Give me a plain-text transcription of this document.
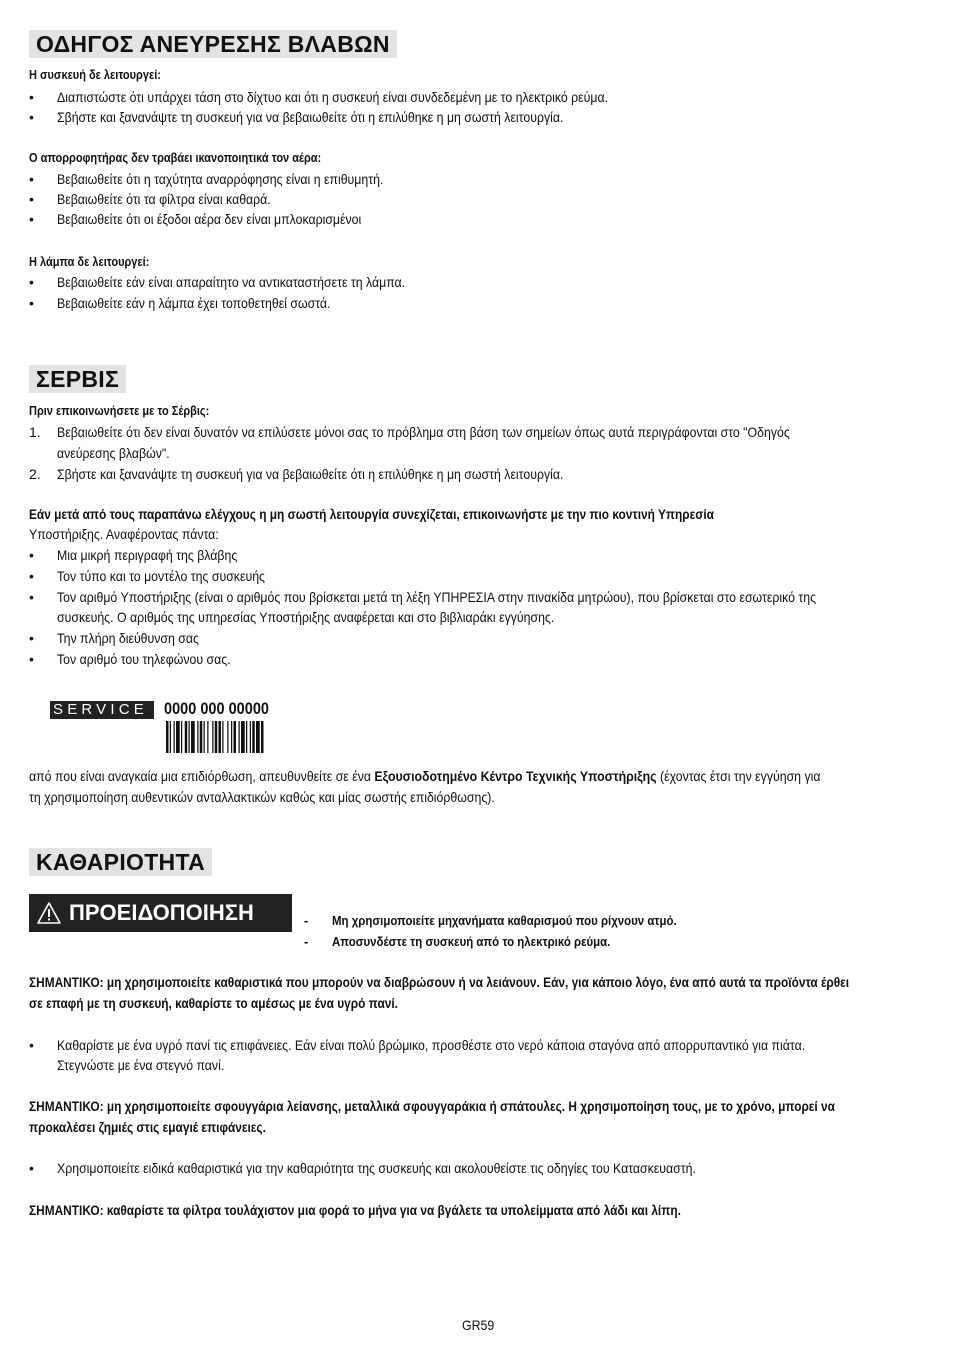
ΟΔΗΓΟΣ ΑΝΕΥΡΕΣΗΣ ΒΛΑΒΩΝ
Η συσκευή δε λειτουργεί:
• Διαπιστώστε ότι υπάρχει τάση στο δίχτυο και ότι η συσκευή είναι συνδεδεμένη με το ηλεκτρικό ρεύμα.
• Σβήστε και ξανανάψτε τη συσκευή για να βεβαιωθείτε ότι η επιλύθηκε η μη σωστή λειτουργία.
Ο απορροφητήρας δεν τραβάει ικανοποιητικά τον αέρα:
• Βεβαιωθείτε ότι η ταχύτητα αναρρόφησης είναι η επιθυμητή.
• Βεβαιωθείτε ότι τα φίλτρα είναι καθαρά.
• Βεβαιωθείτε ότι οι έξοδοι αέρα δεν είναι μπλοκαρισμένοι
Η λάμπα δε λειτουργεί:
• Βεβαιωθείτε εάν είναι απαραίτητο να αντικαταστήσετε τη λάμπα.
• Βεβαιωθείτε εάν η λάμπα έχει τοποθετηθεί σωστά.
ΣΕΡΒΙΣ
Πριν επικοινωνήσετε με το Σέρβις:
1. Βεβαιωθείτε ότι δεν είναι δυνατόν να επιλύσετε μόνοι σας το πρόβλημα στη βάση των σημείων όπως αυτά περιγράφονται στο "Οδηγός
ανεύρεσης βλαβών".
2. Σβήστε και ξανανάψτε τη συσκευή για να βεβαιωθείτε ότι η επιλύθηκε η μη σωστή λειτουργία.
Εάν μετά από τους παραπάνω ελέγχους η μη σωστή λειτουργία συνεχίζεται, επικοινωνήστε με την πιο κοντινή Υπηρεσία
Υποστήριξης. Αναφέροντας πάντα:
• Μια μικρή περιγραφή της βλάβης
• Τον τύπο και το μοντέλο της συσκευής
• Τον αριθμό Υποστήριξης (είναι ο αριθμός που βρίσκεται μετά τη λέξη ΥΠΗΡΕΣΙΑ στην πινακίδα μητρώου), που βρίσκεται στο εσωτερικό της
συσκευής. Ο αριθμός της υπηρεσίας Υποστήριξης αναφέρεται και στο βιβλιαράκι εγγύησης.
• Την πλήρη διεύθυνση σας
• Τον αριθμό του τηλεφώνου σας.
SERVICE 0000 000 00000
από που είναι αναγκαία μια επιδιόρθωση, απευθυνθείτε σε ένα Εξουσιοδοτημένο Κέντρο Τεχνικής Υποστήριξης (έχοντας έτσι την εγγύηση για
τη χρησιμοποίηση αυθεντικών ανταλλακτικών καθώς και μίας σωστής επιδιόρθωσης).
ΚΑΘΑΡΙΟΤΗΤΑ
ΠΡΟΕΙΔΟΠΟΙΗΣΗ	- Μη χρησιμοποιείτε μηχανήματα καθαρισμού που ρίχνουν ατμό.
- Αποσυνδέστε τη συσκευή από το ηλεκτρικό ρεύμα.
ΣΗΜΑΝΤΙΚΟ: μη χρησιμοποιείτε καθαριστικά που μπορούν να διαβρώσουν ή να λειάνουν. Εάν, για κάποιο λόγο, ένα από αυτά τα προϊόντα έρθει
σε επαφή με τη συσκευή, καθαρίστε το αμέσως με ένα υγρό πανί.
• Καθαρίστε με ένα υγρό πανί τις επιφάνειες. Εάν είναι πολύ βρώμικο, προσθέστε στο νερό κάποια σταγόνα από απορρυπαντικό για πιάτα.
Στεγνώστε με ένα στεγνό πανί.
ΣΗΜΑΝΤΙΚΟ: μη χρησιμοποιείτε σφουγγάρια λείανσης, μεταλλικά σφουγγαράκια ή σπάτουλες. Η χρησιμοποίηση τους, με το χρόνο, μπορεί να
προκαλέσει ζημιές στις εμαγιέ επιφάνειες.
• Χρησιμοποιείτε ειδικά καθαριστικά για την καθαριότητα της συσκευής και ακολουθείστε τις οδηγίες του Κατασκευαστή.
ΣΗΜΑΝΤΙΚΟ: καθαρίστε τα φίλτρα τουλάχιστον μια φορά το μήνα για να βγάλετε τα υπολείμματα από λάδι και λίπη.
GR59
